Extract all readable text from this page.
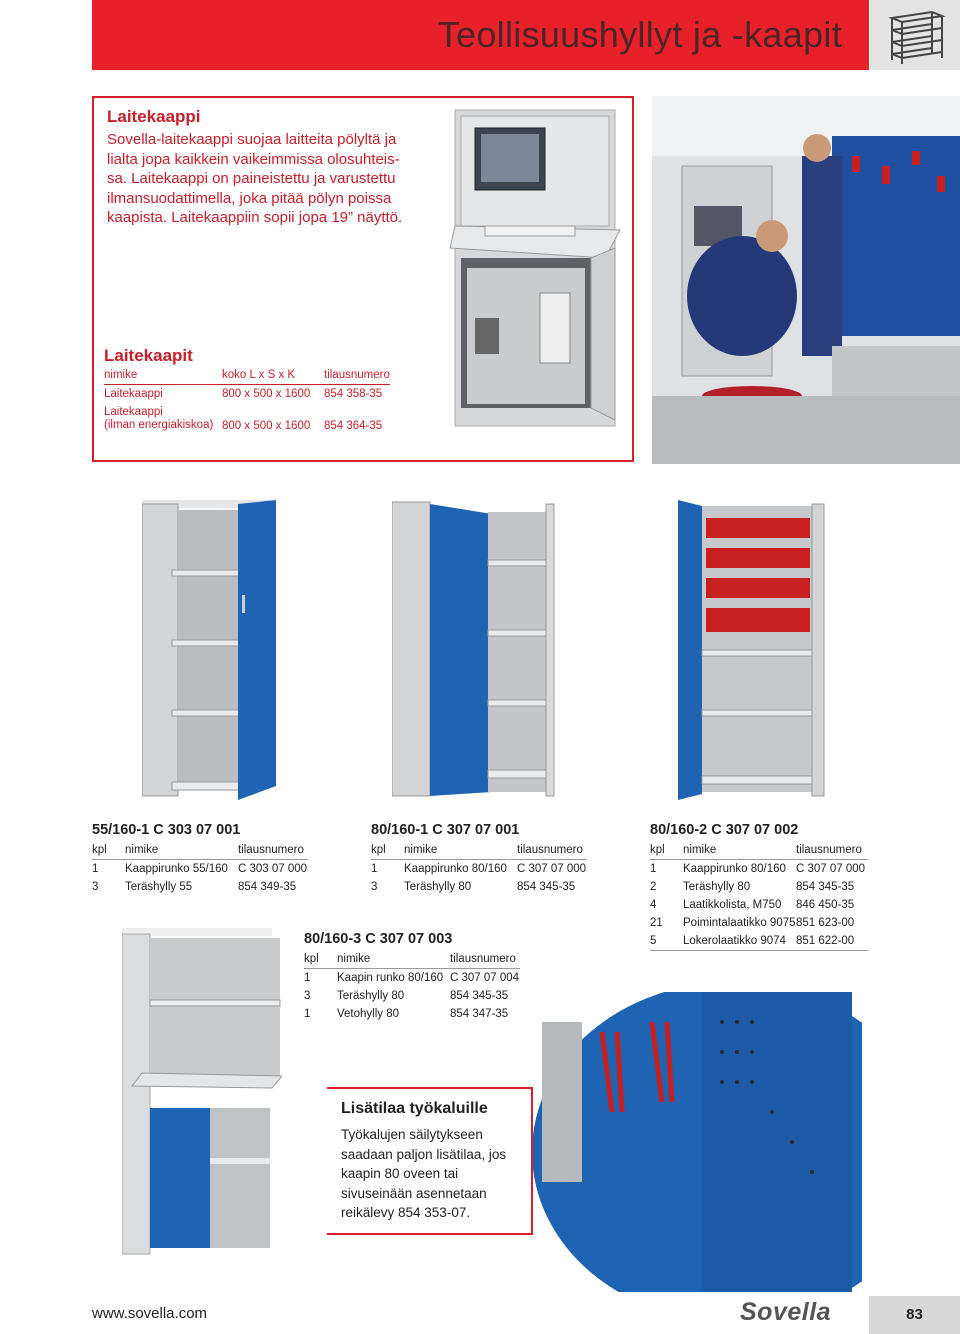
Teollisuushyllyt ja -kaapit
Laitekaappi
Sovella-laitekaappi suojaa laitteita pölyltä ja lialta jopa kaikkein vaikeimmissa olosuhteis-sa. Laitekaappi on paineistettu ja varustettu ilmansuodattimella, joka pitää pölyn poissa kaapista. Laitekaappiin sopii jopa 19” näyttö.
Laitekaapit
nimike	koko L x S x K	tilausnumero
Laitekaappi	800 x 500 x 1600	854 358-35
Laitekaappi
(ilman energiakiskoa)	800 x 500 x 1600	854 364-35
55/160-1 C 303 07 001
kpl	nimike	tilausnumero
1	Kaappirunko 55/160	C 303 07 000
3	Teräshylly 55	854 349-35
80/160-1 C 307 07 001
kpl	nimike	tilausnumero
1	Kaappirunko 80/160	C 307 07 000
3	Teräshylly 80	854 345-35
80/160-2 C 307 07 002
kpl	nimike	tilausnumero
1	Kaappirunko 80/160	C 307 07 000
2	Teräshylly 80	854 345-35
4	Laatikkolista, M750	846 450-35
21	Poimintalaatikko 9075	851 623-00
5	Lokerolaatikko 9074	851 622-00
80/160-3 C 307 07 003
kpl	nimike	tilausnumero
1	Kaapin runko 80/160	C 307 07 004
3	Teräshylly 80	854 345-35
1	Vetohylly 80	854 347-35
Lisätilaa työkaluille
Työkalujen säilytykseen saadaan paljon lisätilaa, jos kaapin 80 oveen tai sivuseinään asennetaan reikälevy 854 353-07.
www.sovella.com	Sovella	83
